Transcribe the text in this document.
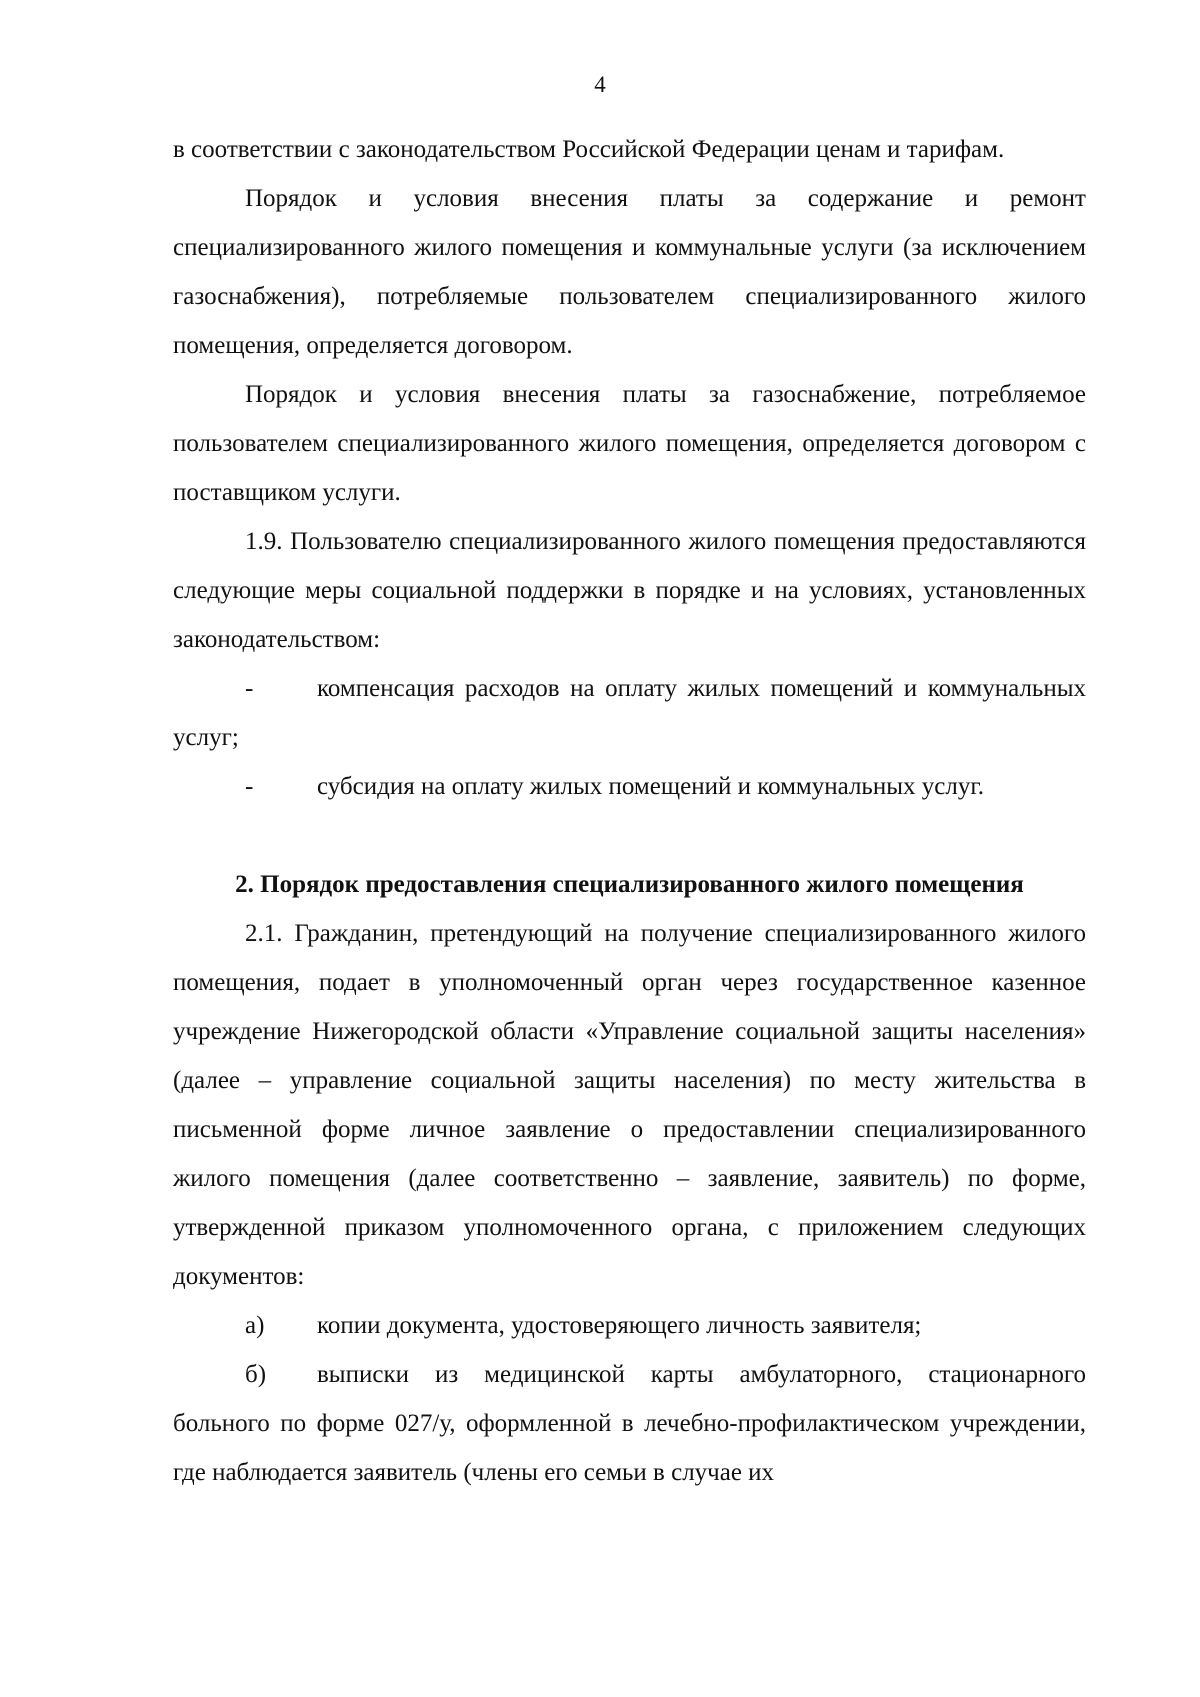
4

в соответствии с законодательством Российской Федерации ценам и тарифам.

Порядок и условия внесения платы за содержание и ремонт специализированного жилого помещения и коммунальные услуги (за исключением газоснабжения), потребляемые пользователем специализированного жилого помещения, определяется договором.

Порядок и условия внесения платы за газоснабжение, потребляемое пользователем специализированного жилого помещения, определяется договором с поставщиком услуги.

1.9. Пользователю специализированного жилого помещения предоставляются следующие меры социальной поддержки в порядке и на условиях, установленных законодательством:

-	компенсация расходов на оплату жилых помещений и коммунальных услуг;

-	субсидия на оплату жилых помещений и коммунальных услуг.

2. Порядок предоставления специализированного жилого помещения

2.1. Гражданин, претендующий на получение специализированного жилого помещения, подает в уполномоченный орган через государственное казенное учреждение Нижегородской области «Управление социальной защиты населения» (далее – управление социальной защиты населения) по месту жительства в письменной форме личное заявление о предоставлении специализированного жилого помещения (далее соответственно – заявление, заявитель) по форме, утвержденной приказом уполномоченного органа, с приложением следующих документов:

а)	копии документа, удостоверяющего личность заявителя;

б) выписки из медицинской карты амбулаторного, стационарного больного по форме 027/у, оформленной в лечебно-профилактическом учреждении, где наблюдается заявитель (члены его семьи в случае их
